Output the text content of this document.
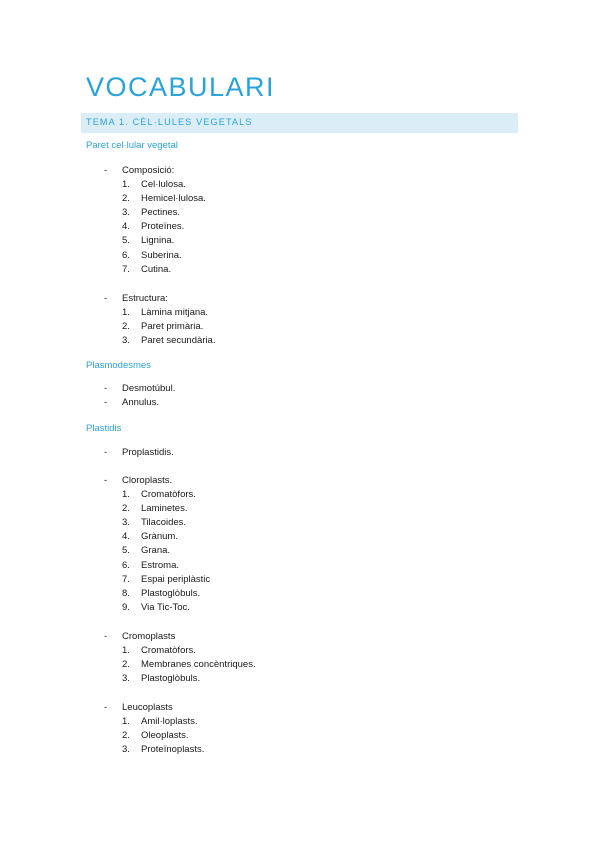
VOCABULARI
TEMA 1. CÈL·LULES VEGETALS
Paret cel·lular vegetal
- Composició:
1. Cel·lulosa.
2. Hemicel·lulosa.
3. Pectines.
4. Proteïnes.
5. Lignina.
6. Suberina.
7. Cutina.
- Estructura:
1. Làmina mitjana.
2. Paret primària.
3. Paret secundària.
Plasmodesmes
- Desmotúbul.
- Annulus.
Plastidis
- Proplastidis.
- Cloroplasts.
1. Cromatòfors.
2. Laminetes.
3. Tilacoides.
4. Grànum.
5. Grana.
6. Estroma.
7. Espai periplàstic
8. Plastoglòbuls.
9. Via Tic-Toc.
- Cromoplasts
1. Cromatòfors.
2. Membranes concèntriques.
3. Plastoglòbuls.
- Leucoplasts
1. Amil·loplasts.
2. Oleoplasts.
3. Proteïnoplasts.
